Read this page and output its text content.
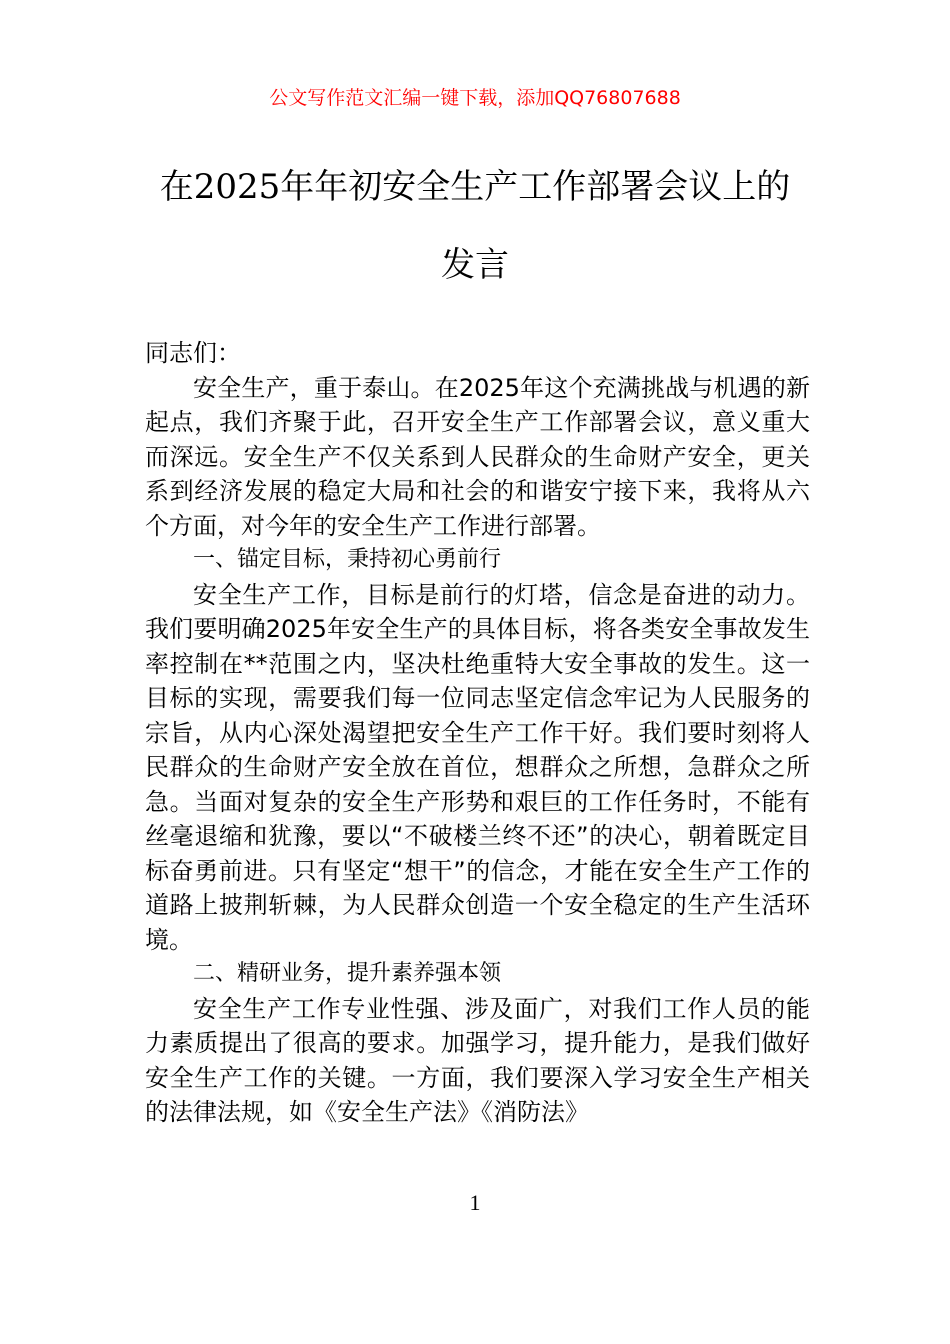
公文写作范文汇编一键下载，添加QQ76807688
在2025年年初安全生产工作部署会议上的
发言

同志们：

安全生产，重于泰山。在2025年这个充满挑战与机遇的新起点，我们齐聚于此，召开安全生产工作部署会议，意义重大而深远。安全生产不仅关系到人民群众的生命财产安全，更关系到经济发展的稳定大局和社会的和谐安宁接下来，我将从六个方面，对今年的安全生产工作进行部署。

一、锚定目标，秉持初心勇前行

安全生产工作，目标是前行的灯塔，信念是奋进的动力。我们要明确2025年安全生产的具体目标，将各类安全事故发生率控制在**范围之内，坚决杜绝重特大安全事故的发生。这一目标的实现，需要我们每一位同志坚定信念牢记为人民服务的宗旨，从内心深处渴望把安全生产工作干好。我们要时刻将人民群众的生命财产安全放在首位，想群众之所想，急群众之所急。当面对复杂的安全生产形势和艰巨的工作任务时，不能有丝毫退缩和犹豫，要以“不破楼兰终不还”的决心，朝着既定目标奋勇前进。只有坚定“想干”的信念，才能在安全生产工作的道路上披荆斩棘，为人民群众创造一个安全稳定的生产生活环境。

二、精研业务，提升素养强本领

安全生产工作专业性强、涉及面广，对我们工作人员的能力素质提出了很高的要求。加强学习，提升能力，是我们做好安全生产工作的关键。一方面，我们要深入学习安全生产相关的法律法规，如《安全生产法》《消防法》

1
